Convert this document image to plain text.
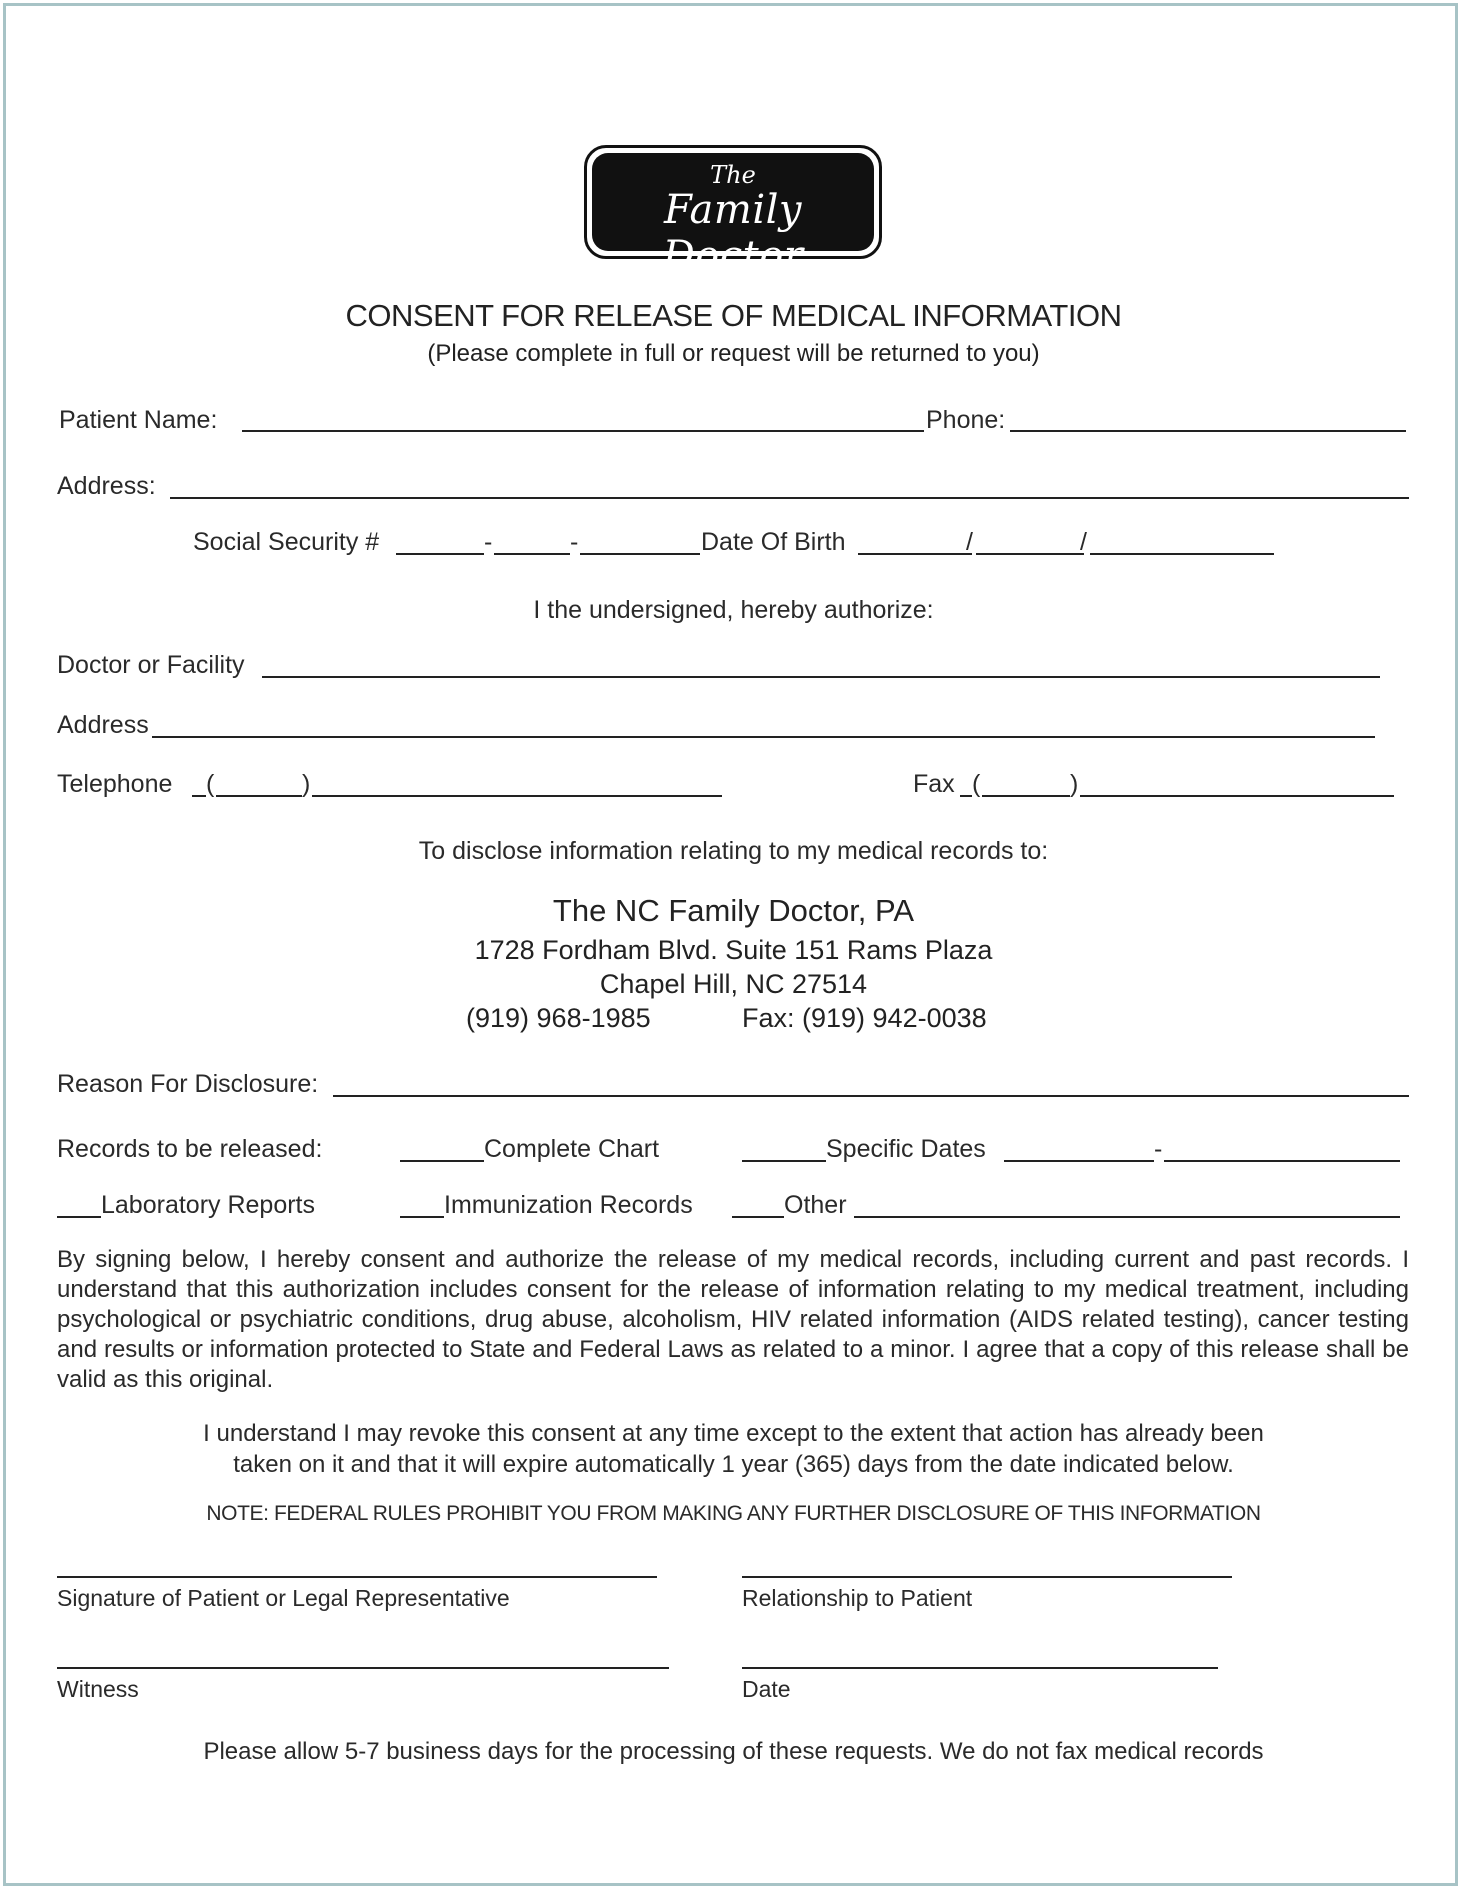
The
Family Doctor
CONSENT FOR RELEASE OF MEDICAL INFORMATION
(Please complete in full or request will be returned to you)
Patient Name:	Phone:
Address:
Social Security #	-	-	Date Of Birth	/	/
I the undersigned, hereby authorize:
Doctor or Facility
Address
Telephone (	)	Fax (	)
To disclose information relating to my medical records to:
The NC Family Doctor, PA
1728 Fordham Blvd. Suite 151 Rams Plaza
Chapel Hill, NC 27514
(919) 968-1985	Fax: (919) 942-0038
Reason For Disclosure:
Records to be released:	Complete Chart	Specific Dates	-
Laboratory Reports	Immunization Records	Other
By signing below, I hereby consent and authorize the release of my medical records, including current and past records. I understand that this authorization includes consent for the release of information relating to my medical treatment, including psychological or psychiatric conditions, drug abuse, alcoholism, HIV related information (AIDS related testing), cancer testing and results or information protected to State and Federal Laws as related to a minor. I agree that a copy of this release shall be valid as this original.
I understand I may revoke this consent at any time except to the extent that action has already been
taken on it and that it will expire automatically 1 year (365) days from the date indicated below.
NOTE: FEDERAL RULES PROHIBIT YOU FROM MAKING ANY FURTHER DISCLOSURE OF THIS INFORMATION
Signature of Patient or Legal Representative	Relationship to Patient
Witness	Date
Please allow 5-7 business days for the processing of these requests. We do not fax medical records
